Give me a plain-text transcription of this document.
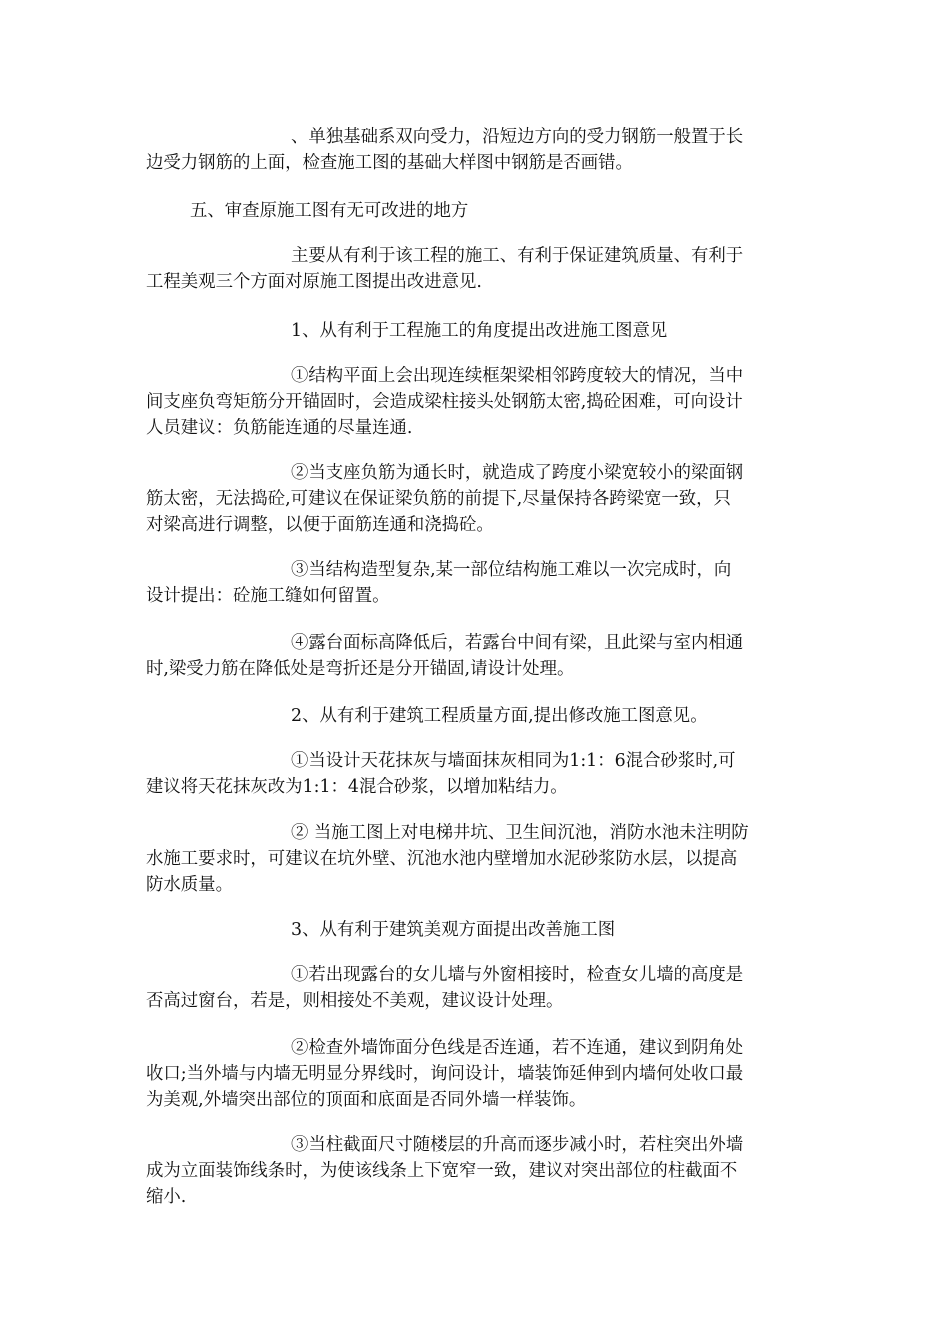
、单独基础系双向受力，沿短边方向的受力钢筋一般置于长
边受力钢筋的上面，检查施工图的基础大样图中钢筋是否画错。

五、审查原施工图有无可改进的地方

主要从有利于该工程的施工、有利于保证建筑质量、有利于
工程美观三个方面对原施工图提出改进意见.

1、从有利于工程施工的角度提出改进施工图意见

①结构平面上会出现连续框架梁相邻跨度较大的情况，当中
间支座负弯矩筋分开锚固时，会造成梁柱接头处钢筋太密,捣砼困难，可向设计
人员建议：负筋能连通的尽量连通.

②当支座负筋为通长时，就造成了跨度小梁宽较小的梁面钢
筋太密，无法捣砼,可建议在保证梁负筋的前提下,尽量保持各跨梁宽一致，只
对梁高进行调整，以便于面筋连通和浇捣砼。

③当结构造型复杂,某一部位结构施工难以一次完成时，向
设计提出：砼施工缝如何留置。

④露台面标高降低后，若露台中间有梁，且此梁与室内相通
时,梁受力筋在降低处是弯折还是分开锚固,请设计处理。

2、从有利于建筑工程质量方面,提出修改施工图意见。

①当设计天花抹灰与墙面抹灰相同为1:1：6混合砂浆时,可
建议将天花抹灰改为1:1：4混合砂浆，以增加粘结力。

② 当施工图上对电梯井坑、卫生间沉池，消防水池未注明防
水施工要求时，可建议在坑外壁、沉池水池内壁增加水泥砂浆防水层，以提高
防水质量。

3、从有利于建筑美观方面提出改善施工图

①若出现露台的女儿墙与外窗相接时，检查女儿墙的高度是
否高过窗台，若是，则相接处不美观，建议设计处理。

②检查外墙饰面分色线是否连通，若不连通，建议到阴角处
收口;当外墙与内墙无明显分界线时，询问设计，墙装饰延伸到内墙何处收口最
为美观,外墙突出部位的顶面和底面是否同外墙一样装饰。

③当柱截面尺寸随楼层的升高而逐步减小时，若柱突出外墙
成为立面装饰线条时，为使该线条上下宽窄一致，建议对突出部位的柱截面不
缩小.
